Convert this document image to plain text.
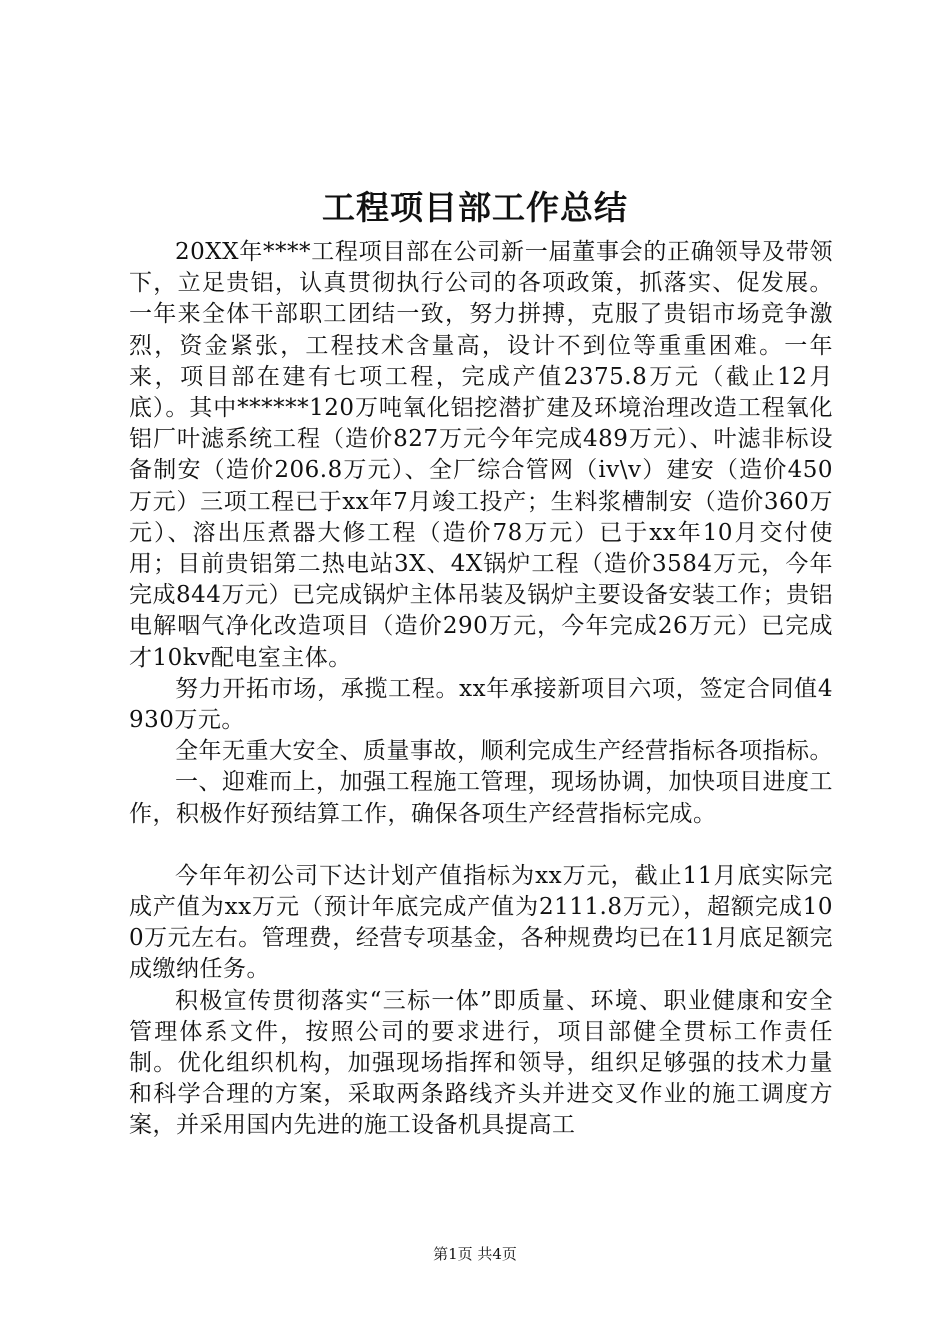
工程项目部工作总结

20XX年****工程项目部在公司新一届董事会的正确领导及带领下，立足贵铝，认真贯彻执行公司的各项政策，抓落实、促发展。一年来全体干部职工团结一致，努力拼搏，克服了贵铝市场竞争激烈，资金紧张，工程技术含量高，设计不到位等重重困难。一年来，项目部在建有七项工程，完成产值2375.8万元（截止12月底）。其中******120万吨氧化铝挖潜扩建及环境治理改造工程氧化铝厂叶滤系统工程（造价827万元今年完成489万元）、叶滤非标设备制安（造价206.8万元）、全厂综合管网（iv\v）建安（造价450万元）三项工程已于xx年7月竣工投产；生料浆槽制安（造价360万元）、溶出压煮器大修工程（造价78万元）已于xx年10月交付使用；目前贵铝第二热电站3X、4X锅炉工程（造价3584万元，今年完成844万元）已完成锅炉主体吊装及锅炉主要设备安装工作；贵铝电解咽气净化改造项目（造价290万元，今年完成26万元）已完成才10kv配电室主体。

努力开拓市场，承揽工程。xx年承接新项目六项，签定合同值4930万元。

全年无重大安全、质量事故，顺利完成生产经营指标各项指标。

一、迎难而上，加强工程施工管理，现场协调，加快项目进度工作，积极作好预结算工作，确保各项生产经营指标完成。

今年年初公司下达计划产值指标为xx万元，截止11月底实际完成产值为xx万元（预计年底完成产值为2111.8万元），超额完成100万元左右。管理费，经营专项基金，各种规费均已在11月底足额完成缴纳任务。

积极宣传贯彻落实“三标一体”即质量、环境、职业健康和安全管理体系文件，按照公司的要求进行，项目部健全贯标工作责任制。优化组织机构，加强现场指挥和领导，组织足够强的技术力量和科学合理的方案，采取两条路线齐头并进交叉作业的施工调度方案，并采用国内先进的施工设备机具提高工

第1页 共4页
